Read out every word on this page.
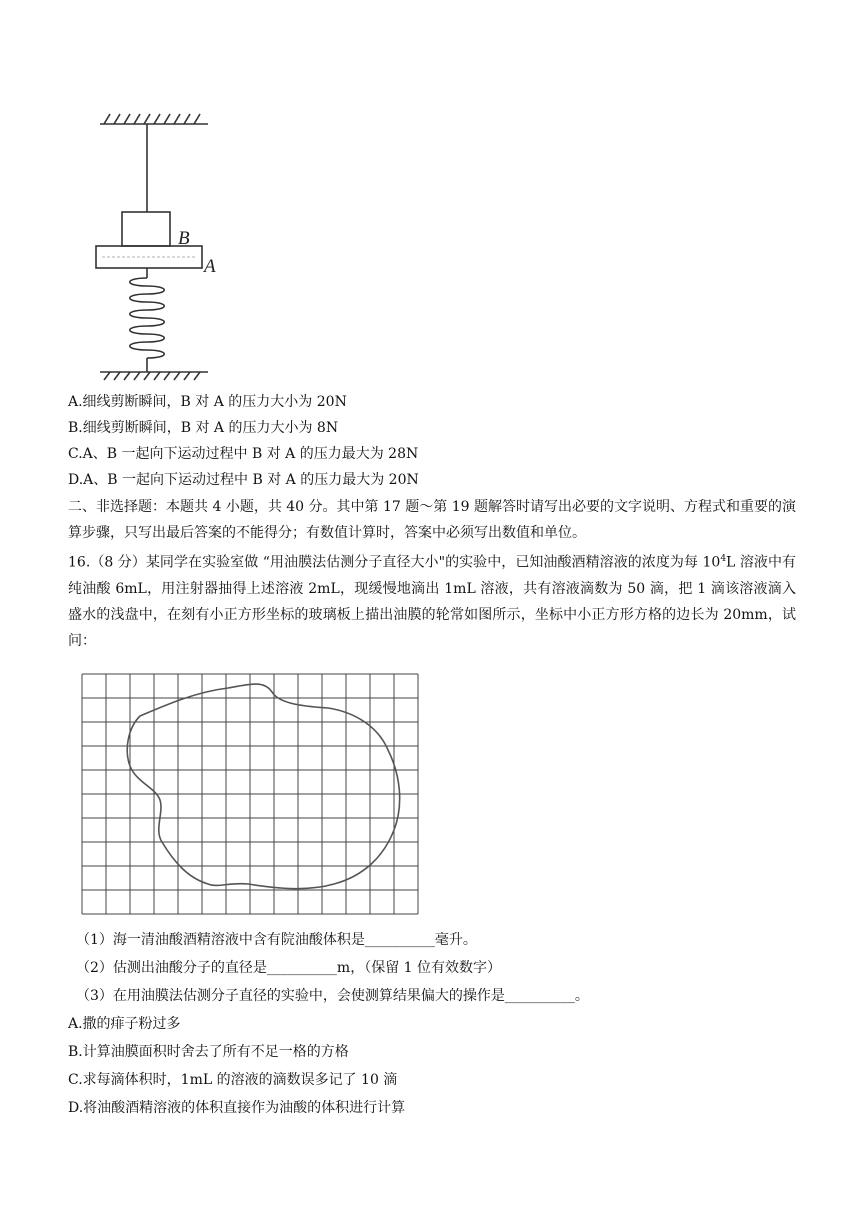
B
A
A.细线剪断瞬间，B 对 A 的压力大小为 20N
B.细线剪断瞬间，B 对 A 的压力大小为 8N
C.A、B 一起向下运动过程中 B 对 A 的压力最大为 28N
D.A、B 一起向下运动过程中 B 对 A 的压力最大为 20N
二、非选择题：本题共 4 小题，共 40 分。其中第 17 题～第 19 题解答时请写出必要的文字说明、方程式和重要的演算步骤，只写出最后答案的不能得分；有数值计算时，答案中必须写出数值和单位。
16.（8 分）某同学在实验室做 “用油膜法估测分子直径大小"的实验中，已知油酸酒精溶液的浓度为每 $10^4L$ 溶液中有纯油酸 6mL，用注射器抽得上述溶液 2mL，现缓慢地滴出 1mL 溶液，共有溶液滴数为 50 滴，把 1 滴该溶液滴入盛水的浅盘中，在刻有小正方形坐标的玻璃板上描出油膜的轮常如图所示，坐标中小正方形方格的边长为 20mm，试问：
（1）海一清油酸酒精溶液中含有院油酸体积是__________毫升。
（2）估测出油酸分子的直径是__________m，（保留 1 位有效数字）
（3）在用油膜法估测分子直径的实验中，会使测算结果偏大的操作是__________。
A.撒的痱子粉过多
B.计算油膜面积时舍去了所有不足一格的方格
C.求每滴体积时，1mL 的溶液的滴数误多记了 10 滴
D.将油酸酒精溶液的体积直接作为油酸的体积进行计算
